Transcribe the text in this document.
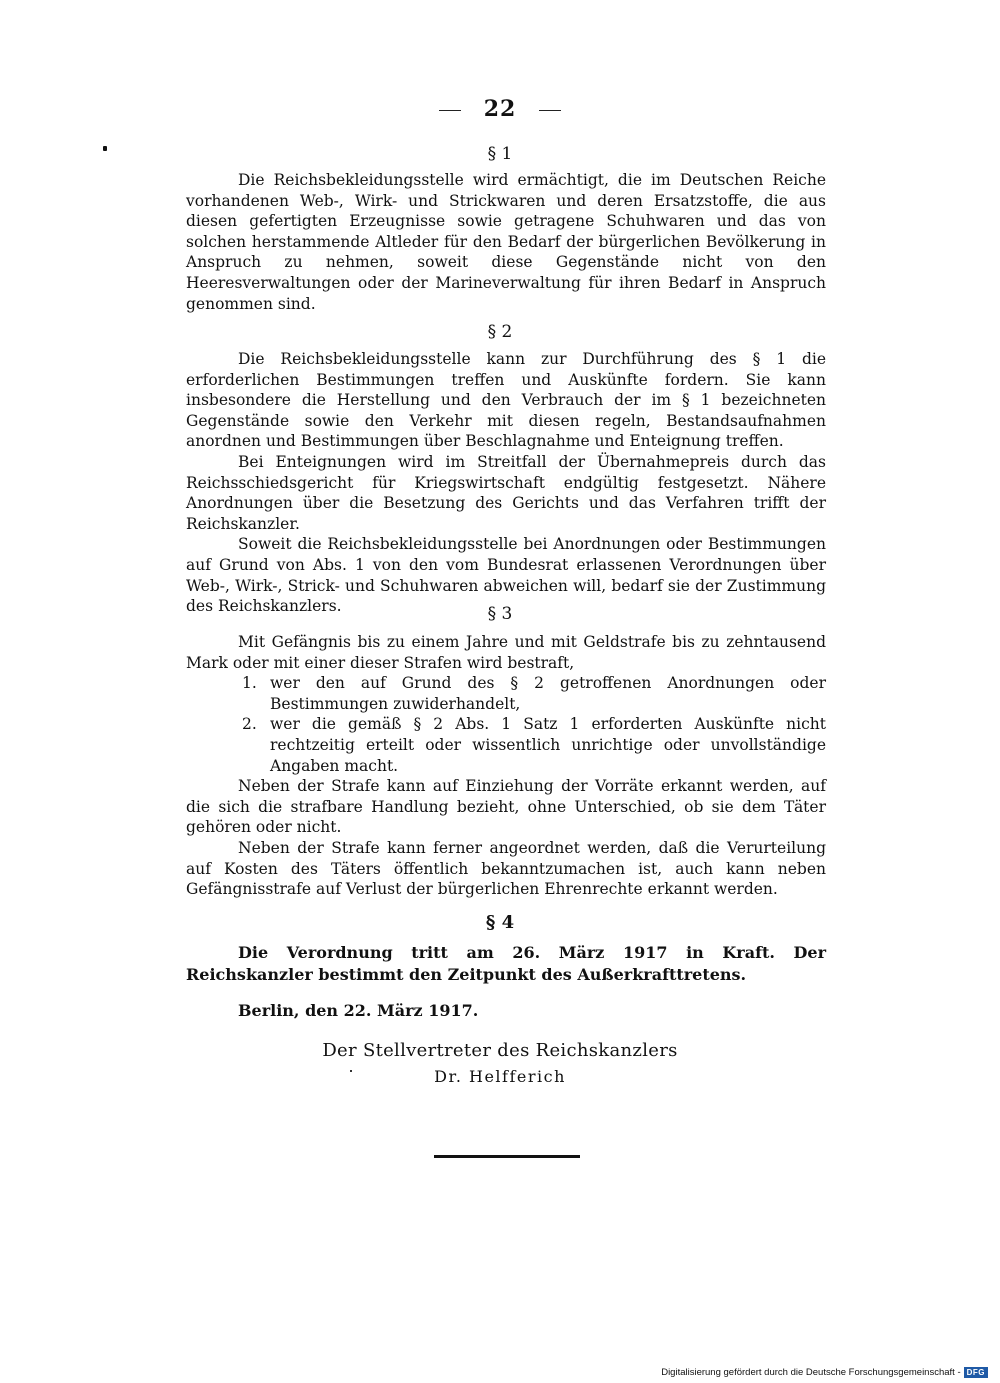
22
§ 1

Die Reichsbekleidungsstelle wird ermächtigt, die im Deutschen Reiche vorhandenen Web-, Wirk- und Strickwaren und deren Ersatzstoffe, die aus diesen gefertigten Erzeugnisse sowie getragene Schuhwaren und das von solchen herstammende Altleder für den Bedarf der bürgerlichen Bevölkerung in Anspruch zu nehmen, soweit diese Gegenstände nicht von den Heeresverwaltungen oder der Marineverwaltung für ihren Bedarf in Anspruch genommen sind.

§ 2

Die Reichsbekleidungsstelle kann zur Durchführung des § 1 die erforderlichen Bestimmungen treffen und Auskünfte fordern. Sie kann insbesondere die Herstellung und den Verbrauch der im § 1 bezeichneten Gegenstände sowie den Verkehr mit diesen regeln, Bestandsaufnahmen anordnen und Bestimmungen über Beschlagnahme und Enteignung treffen.

Bei Enteignungen wird im Streitfall der Übernahmepreis durch das Reichsschiedsgericht für Kriegswirtschaft endgültig festgesetzt. Nähere Anordnungen über die Besetzung des Gerichts und das Verfahren trifft der Reichskanzler.

Soweit die Reichsbekleidungsstelle bei Anordnungen oder Bestimmungen auf Grund von Abs. 1 von den vom Bundesrat erlassenen Verordnungen über Web-, Wirk-, Strick- und Schuhwaren abweichen will, bedarf sie der Zustimmung des Reichskanzlers.	§ 3

Mit Gefängnis bis zu einem Jahre und mit Geldstrafe bis zu zehntausend Mark oder mit einer dieser Strafen wird bestraft,

1. wer den auf Grund des § 2 getroffenen Anordnungen oder Bestimmungen zuwiderhandelt,

2. wer die gemäß § 2 Abs. 1 Satz 1 erforderten Auskünfte nicht rechtzeitig erteilt oder wissentlich unrichtige oder unvollständige Angaben macht.

Neben der Strafe kann auf Einziehung der Vorräte erkannt werden, auf die sich die strafbare Handlung bezieht, ohne Unterschied, ob sie dem Täter gehören oder nicht.

Neben der Strafe kann ferner angeordnet werden, daß die Verurteilung auf Kosten des Täters öffentlich bekanntzumachen ist, auch kann neben Gefängnisstrafe auf Verlust der bürgerlichen Ehrenrechte erkannt werden.

§ 4

Die Verordnung tritt am 26. März 1917 in Kraft. Der Reichskanzler bestimmt den Zeitpunkt des Außerkrafttretens.

Berlin, den 22. März 1917.

Der Stellvertreter des Reichskanzlers
Dr. Helfferich
Digitalisierung gefördert durch die Deutsche Forschungsgemeinschaft - DFG
